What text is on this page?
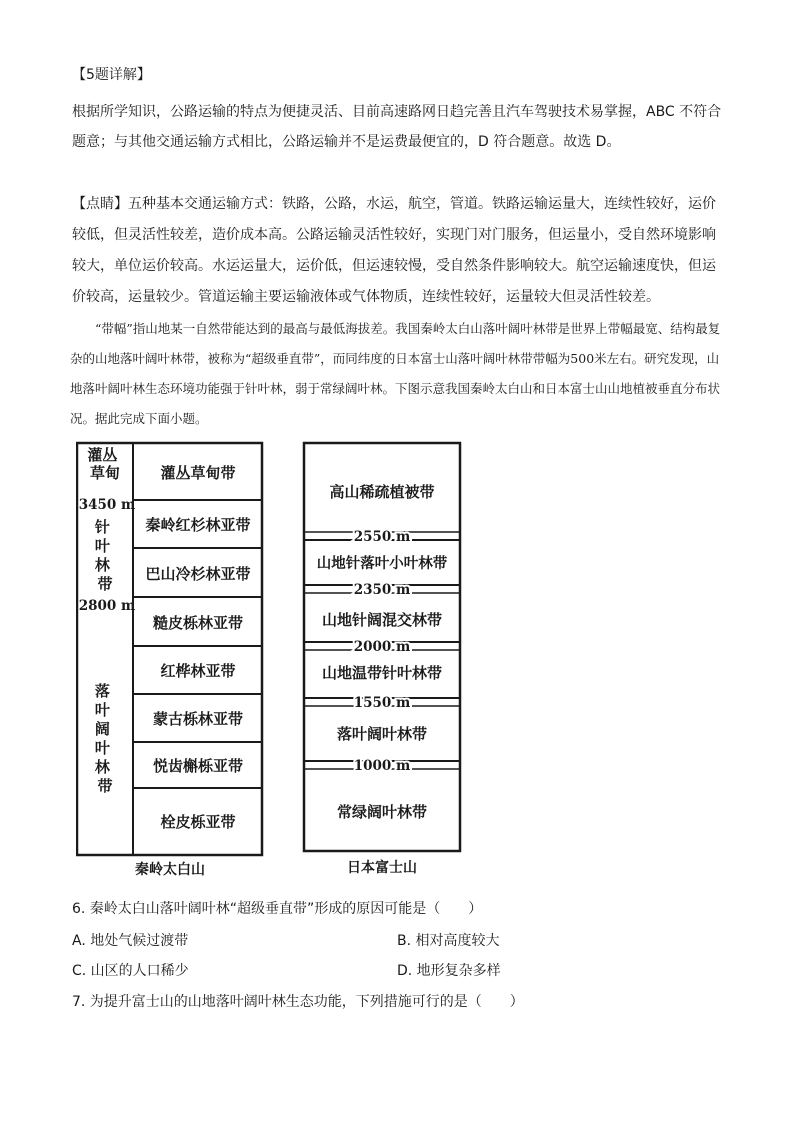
【5题详解】

根据所学知识，公路运输的特点为便捷灵活、目前高速路网日趋完善且汽车驾驶技术易掌握，ABC 不符合题意；与其他交通运输方式相比，公路运输并不是运费最便宜的，D 符合题意。故选 D。

【点睛】五种基本交通运输方式：铁路，公路，水运，航空，管道。铁路运输运量大，连续性较好，运价较低，但灵活性较差，造价成本高。公路运输灵活性较好，实现门对门服务，但运量小，受自然环境影响较大，单位运价较高。水运运量大，运价低，但运速较慢，受自然条件影响较大。航空运输速度快，但运价较高，运量较少。管道运输主要运输液体或气体物质，连续性较好，运量较大但灵活性较差。

“带幅”指山地某一自然带能达到的最高与最低海拔差。我国秦岭太白山落叶阔叶林带是世界上带幅最宽、结构最复杂的山地落叶阔叶林带，被称为“超级垂直带”，而同纬度的日本富士山落叶阔叶林带带幅为500米左右。研究发现，山地落叶阔叶林生态环境功能强于针叶林，弱于常绿阔叶林。下图示意我国秦岭太白山和日本富士山山地植被垂直分布状况。据此完成下面小题。

灌丛 草甸
3450 m
针 叶 林 带
2800 m
落 叶 阔 叶 林 带
灌丛草甸带
秦岭红杉林亚带
巴山冷杉林亚带
糙皮栎林亚带
红桦林亚带
蒙古栎林亚带
悦齿槲栎亚带
栓皮栎亚带
秦岭太白山
高山稀疏植被带
2550 m
山地针落叶小叶林带
2350 m
山地针阔混交林带
2000 m
山地温带针叶林带
1550 m
落叶阔叶林带
1000 m
常绿阔叶林带
日本富士山

6. 秦岭太白山落叶阔叶林“超级垂直带”形成的原因可能是（　　）

A. 地处气候过渡带	B. 相对高度较大
C. 山区的人口稀少	D. 地形复杂多样

7. 为提升富士山的山地落叶阔叶林生态功能，下列措施可行的是（　　）
